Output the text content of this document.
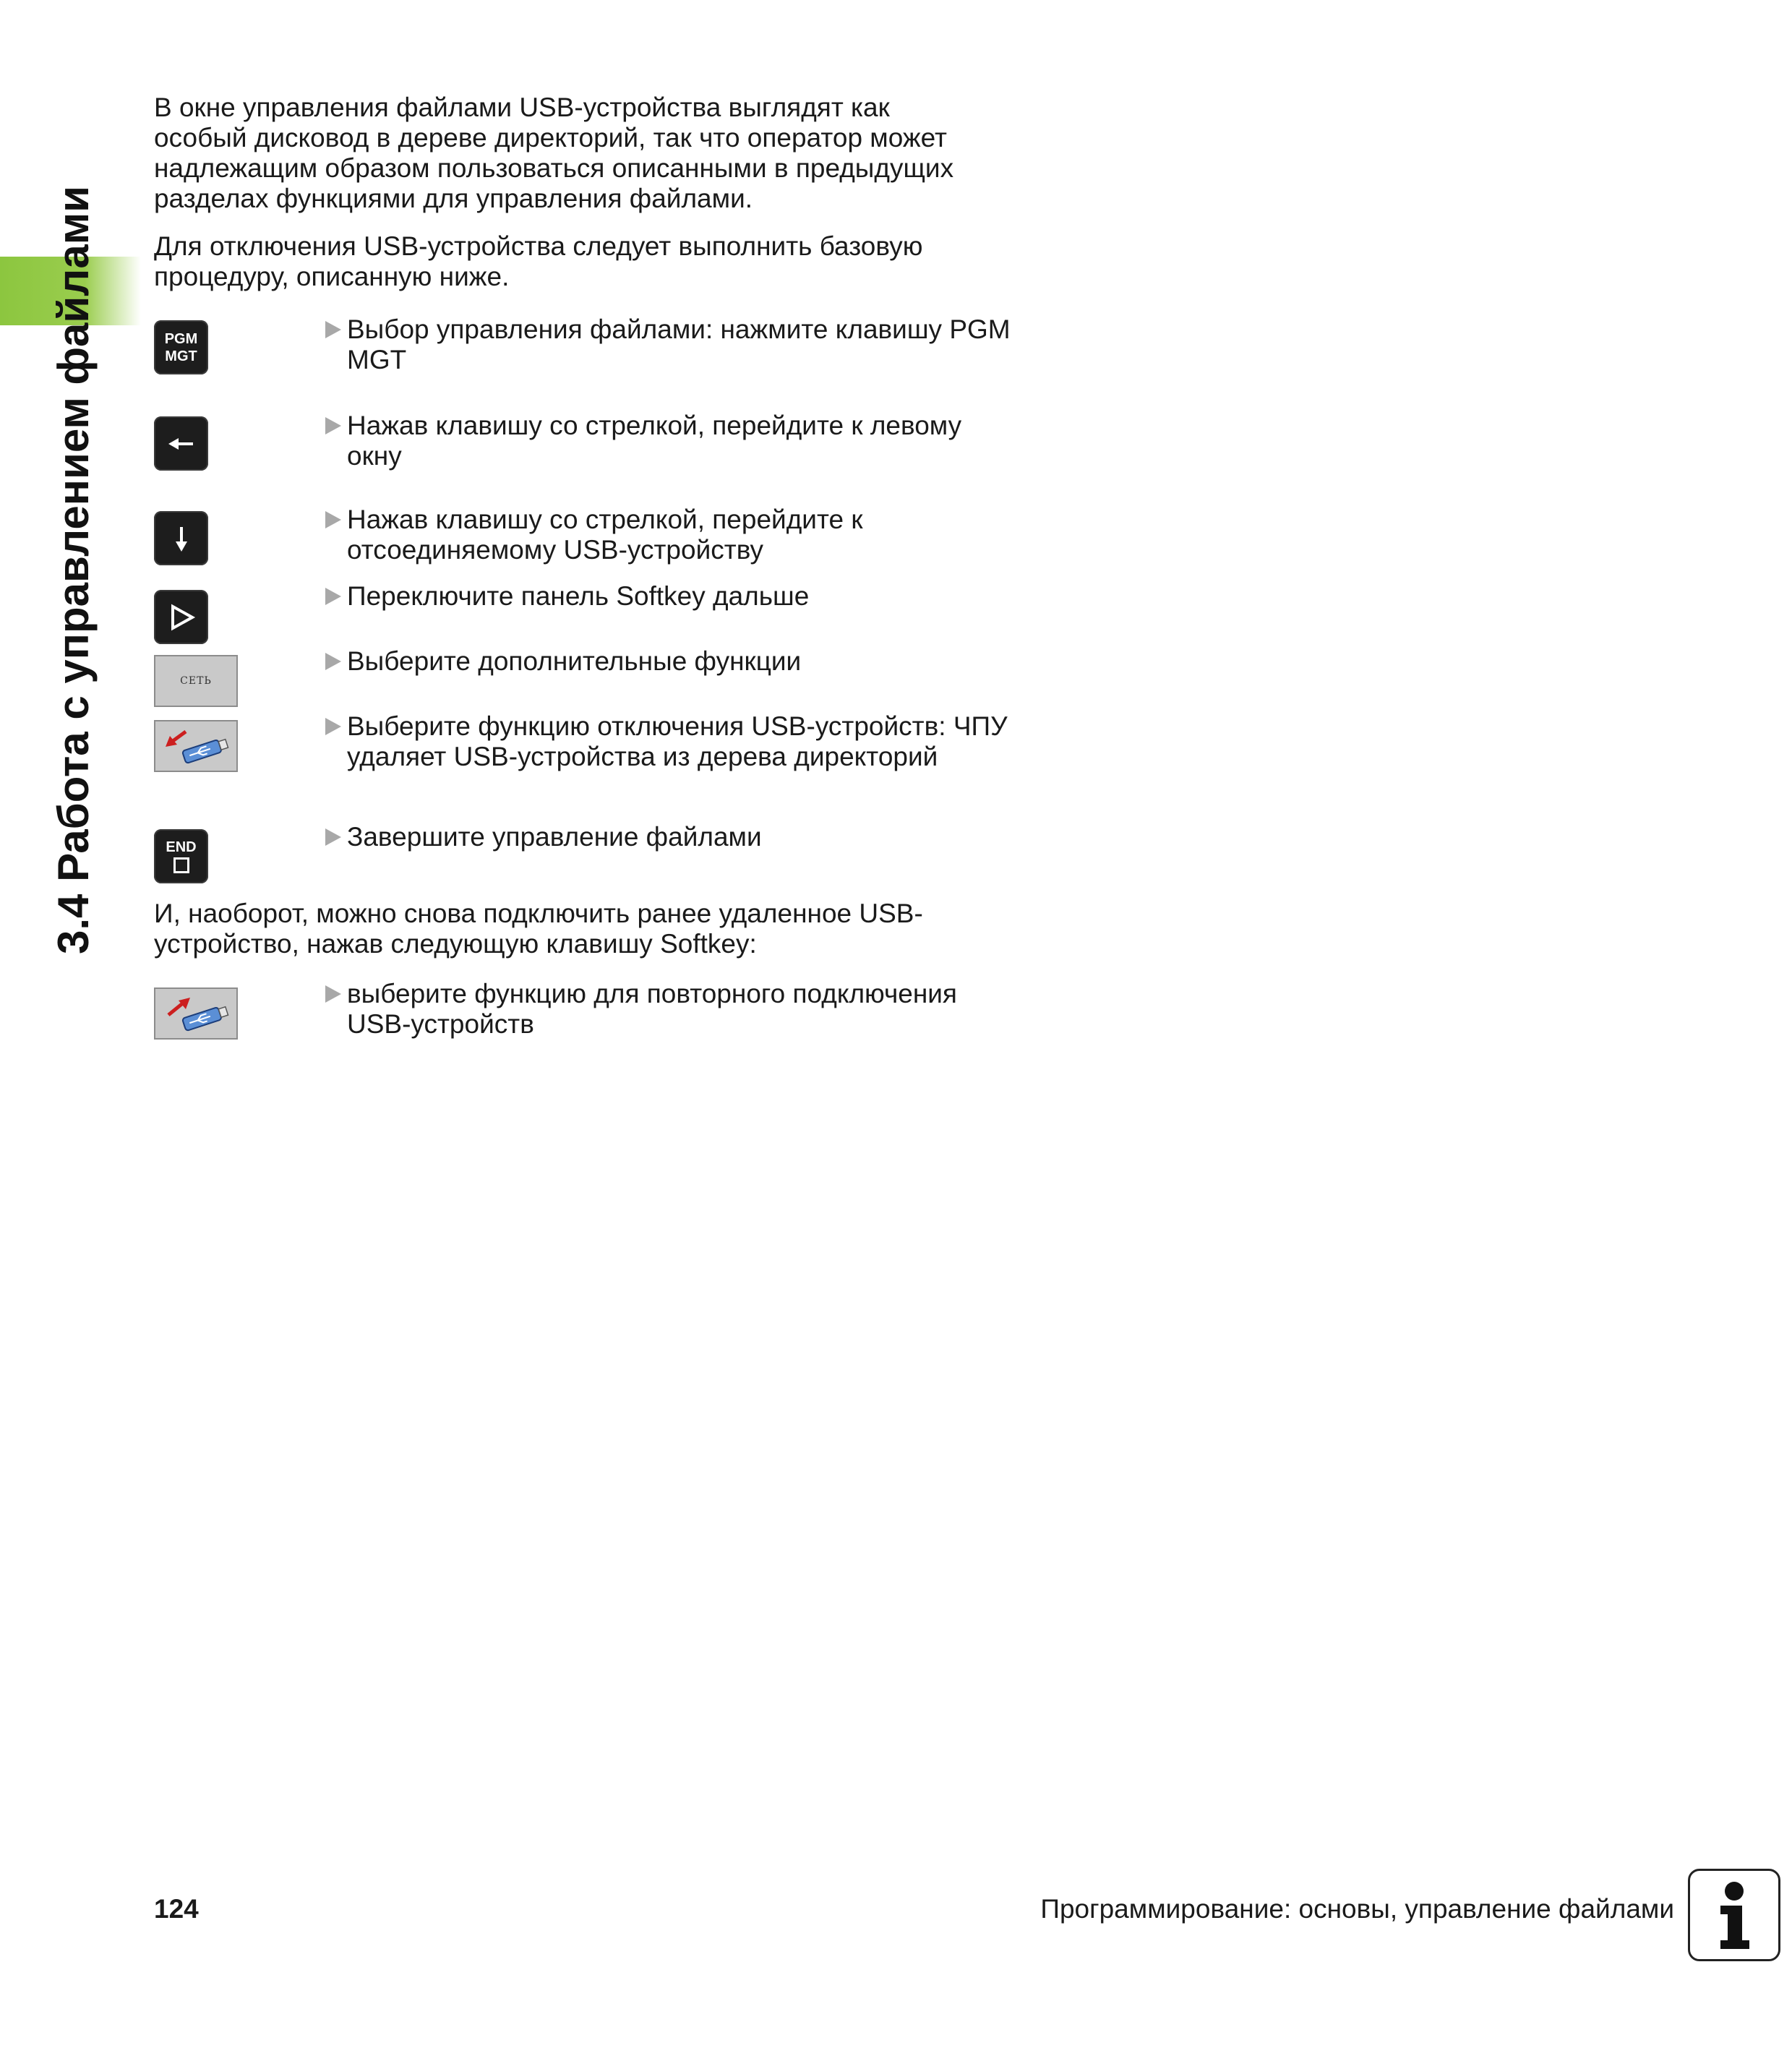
3.4 Работа с управлением файлами

В окне управления файлами USB-устройства выглядят как особый дисковод в дереве директорий, так что оператор может надлежащим образом пользоваться описанными в предыдущих разделах функциями для управления файлами.

Для отключения USB-устройства следует выполнить базовую процедуру, описанную ниже.

PGM
MGT
Выбор управления файлами: нажмите клавишу PGM MGT
Нажав клавишу со стрелкой, перейдите к левому окну
Нажав клавишу со стрелкой, перейдите к отсоединяемому USB-устройству
Переключите панель Softkey дальше
СЕТЬ
Выберите дополнительные функции
Выберите функцию отключения USB-устройств: ЧПУ удаляет USB-устройства из дерева директорий
END	Завершите управление файлами

И, наоборот, можно снова подключить ранее удаленное USB-устройство, нажав следующую клавишу Softkey:

выберите функцию для повторного подключения USB-устройств
124	Программирование: основы, управление файлами
